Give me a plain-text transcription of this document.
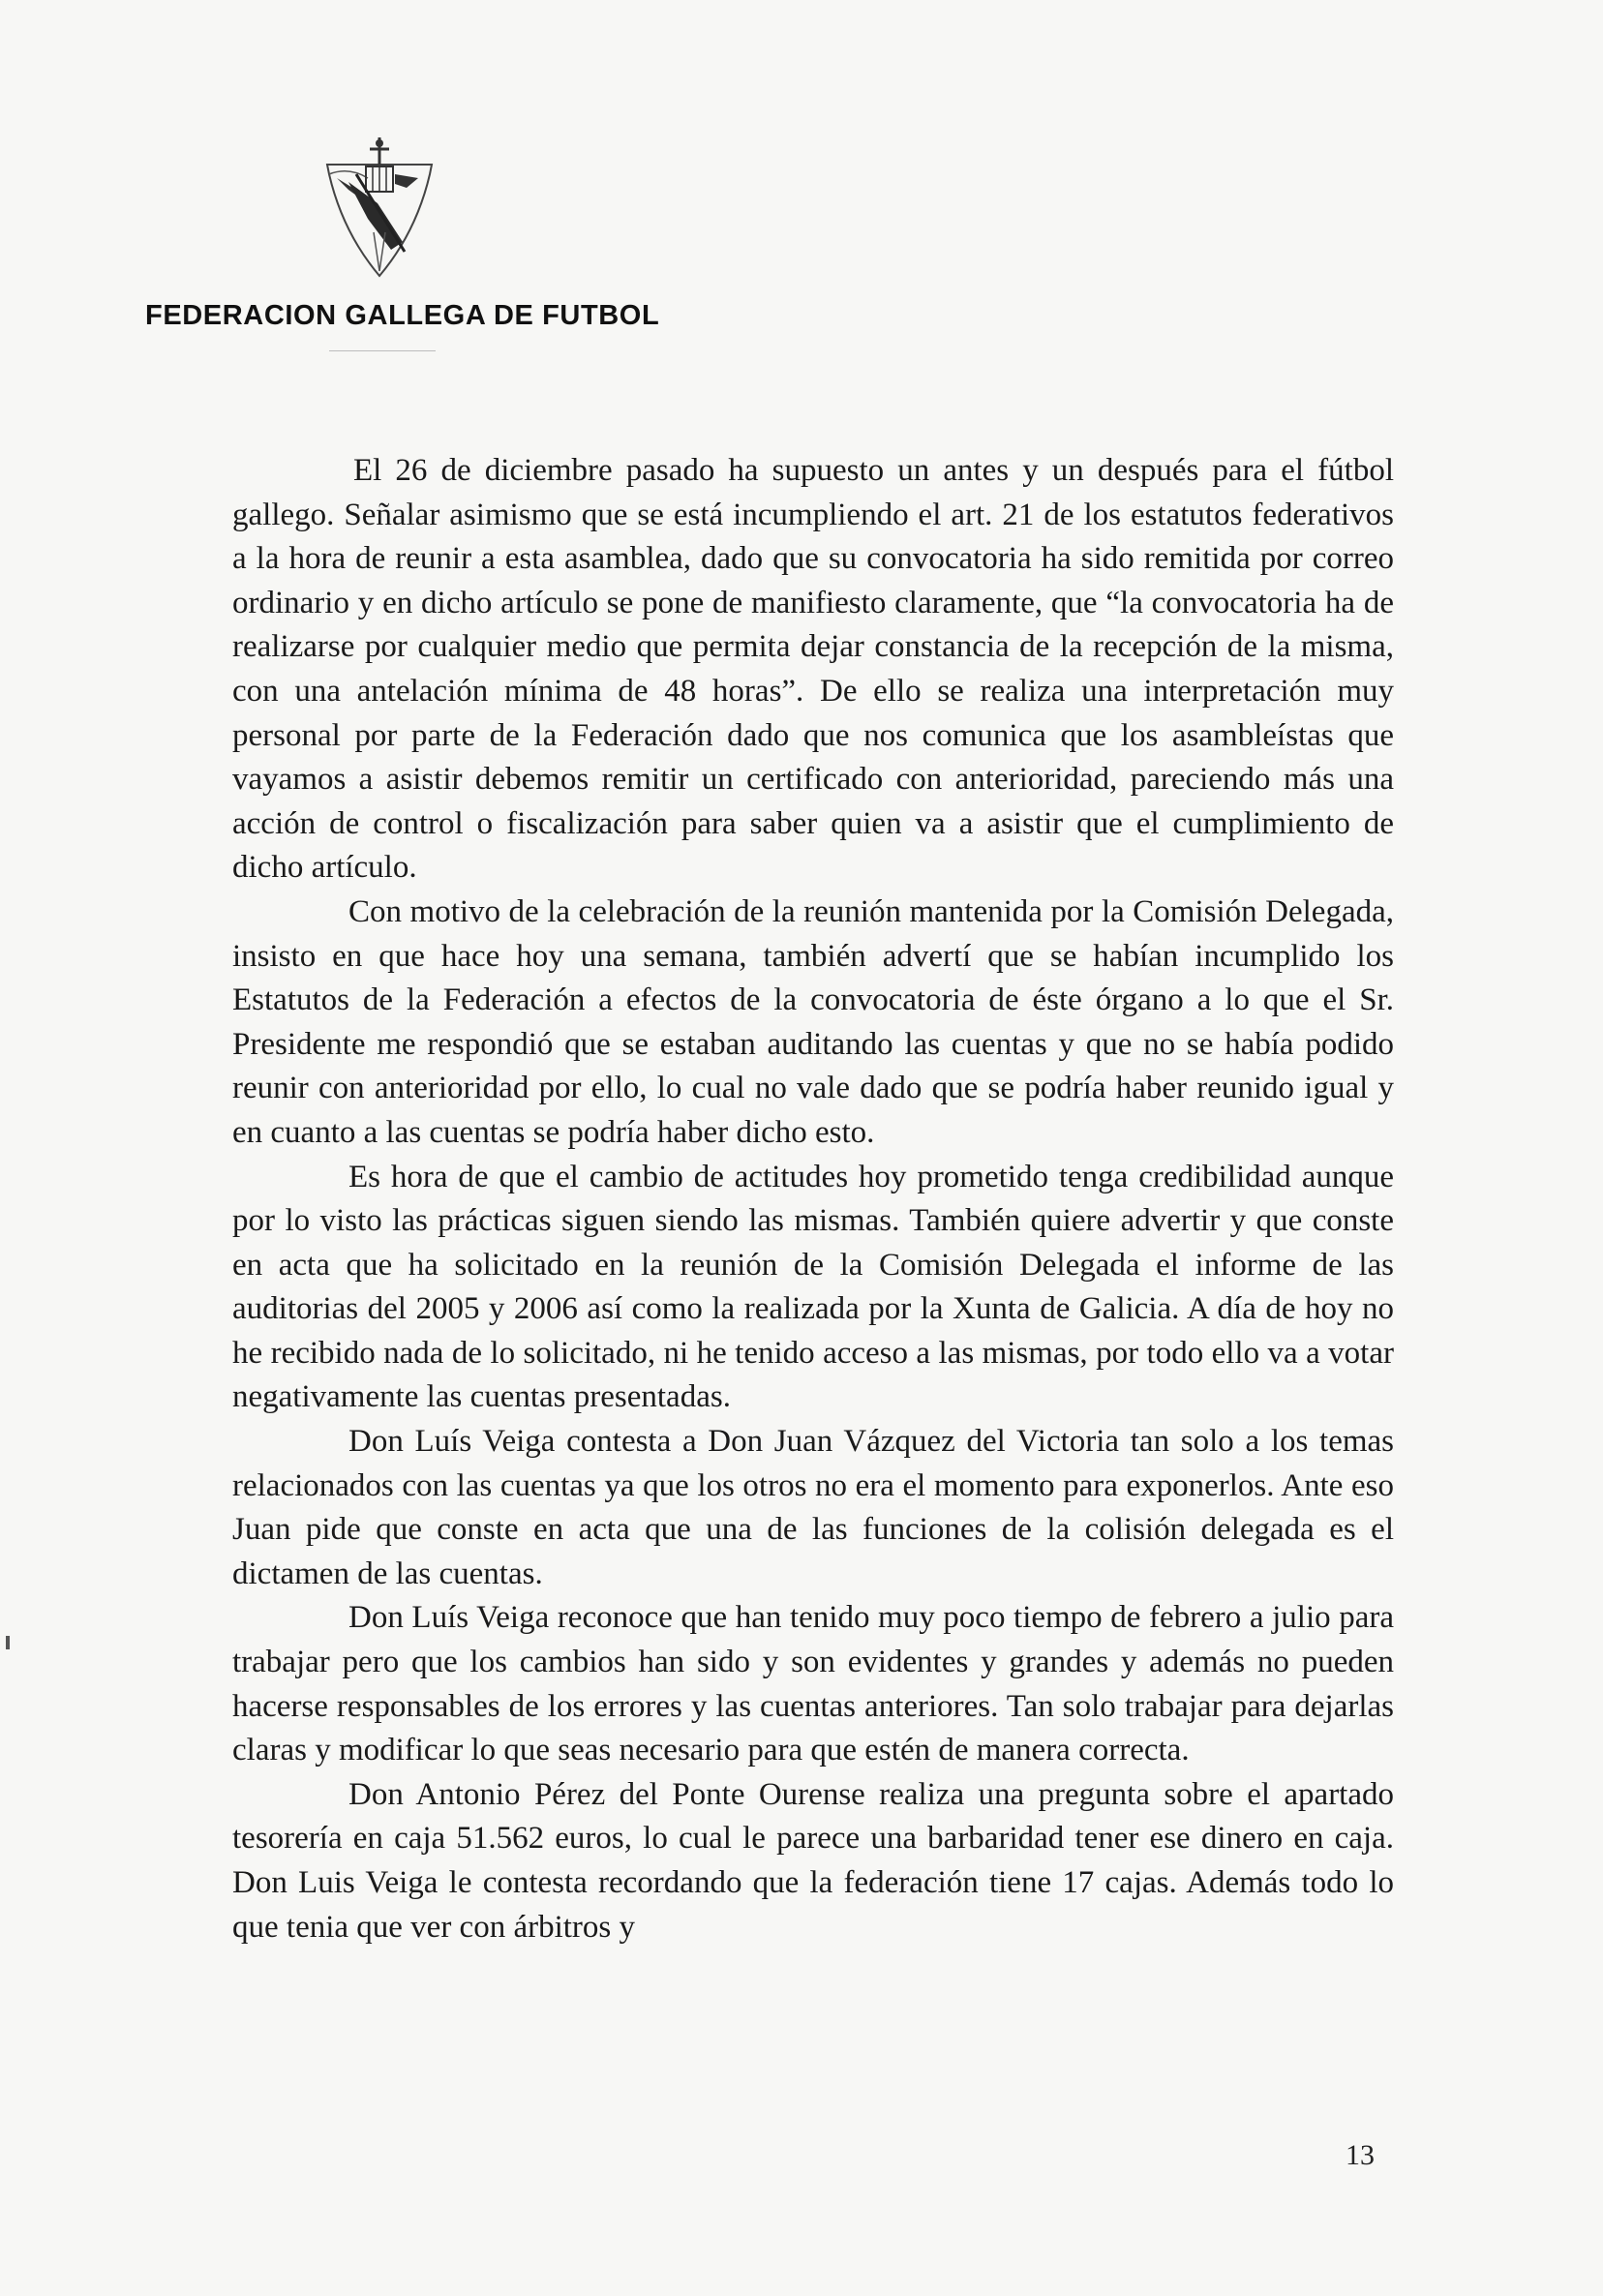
FEDERACION GALLEGA DE FUTBOL

El 26 de diciembre pasado ha supuesto un antes y un después para el fútbol gallego. Señalar asimismo que se está incumpliendo el art. 21 de los estatutos federativos a la hora de reunir a esta asamblea, dado que su convocatoria ha sido remitida por correo ordinario y en dicho artículo se pone de manifiesto claramente, que “la convocatoria ha de realizarse por cualquier medio que permita dejar constancia de la recepción de la misma, con una antelación mínima de 48 horas”. De ello se realiza una interpretación muy personal por parte de la Federación dado que nos comunica que los asambleístas que vayamos a asistir debemos remitir un certificado con anterioridad, pareciendo más una acción de control o fiscalización para saber quien va a asistir que el cumplimiento de dicho artículo.

Con motivo de la celebración de la reunión mantenida por la Comisión Delegada, insisto en que hace hoy una semana, también advertí que se habían incumplido los Estatutos de la Federación a efectos de la convocatoria de éste órgano a lo que el Sr. Presidente me respondió que se estaban auditando las cuentas y que no se había podido reunir con anterioridad por ello, lo cual no vale dado que se podría haber reunido igual y en cuanto a las cuentas se podría haber dicho esto.

Es hora de que el cambio de actitudes hoy prometido tenga credibilidad aunque por lo visto las prácticas siguen siendo las mismas. También quiere advertir y que conste en acta que ha solicitado en la reunión de la Comisión Delegada el informe de las auditorias del 2005 y 2006 así como la realizada por la Xunta de Galicia. A día de hoy no he recibido nada de lo solicitado, ni he tenido acceso a las mismas, por todo ello va a votar negativamente las cuentas presentadas.

Don Luís Veiga contesta a Don Juan Vázquez del Victoria tan solo a los temas relacionados con las cuentas ya que los otros no era el momento para exponerlos. Ante eso Juan pide que conste en acta que una de las funciones de la colisión delegada es el dictamen de las cuentas.

Don Luís Veiga reconoce que han tenido muy poco tiempo de febrero a julio para trabajar pero que los cambios han sido y son evidentes y grandes y además no pueden hacerse responsables de los errores y las cuentas anteriores. Tan solo trabajar para dejarlas claras y modificar lo que seas necesario para que estén de manera correcta.

Don Antonio Pérez del Ponte Ourense realiza una pregunta sobre el apartado tesorería en caja 51.562 euros, lo cual le parece una barbaridad tener ese dinero en caja. Don Luis Veiga le contesta recordando que la federación tiene 17 cajas. Además todo lo que tenia que ver con árbitros y

13
